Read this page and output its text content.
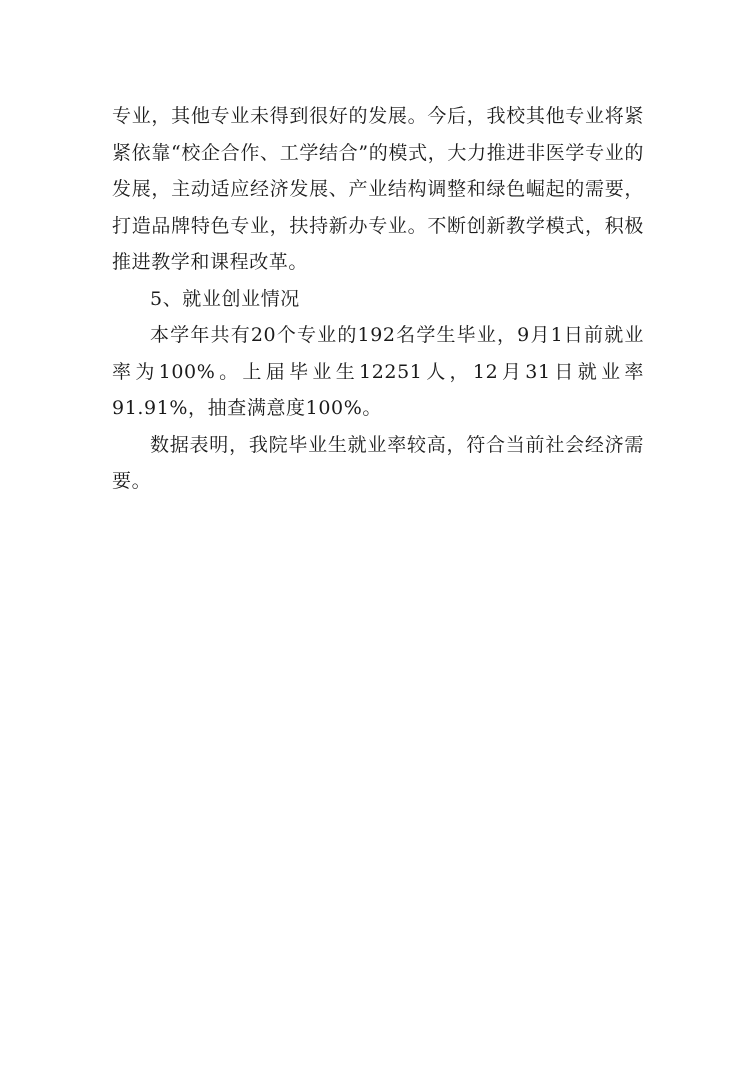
专业，其他专业未得到很好的发展。今后，我校其他专业将紧紧依靠“校企合作、工学结合”的模式，大力推进非医学专业的发展，主动适应经济发展、产业结构调整和绿色崛起的需要，打造品牌特色专业，扶持新办专业。不断创新教学模式，积极推进教学和课程改革。

5、就业创业情况

本学年共有20个专业的192名学生毕业，9月1日前就业率为100%。上届毕业生12251人，12月31日就业率91.91%，抽查满意度100%。

数据表明，我院毕业生就业率较高，符合当前社会经济需要。
